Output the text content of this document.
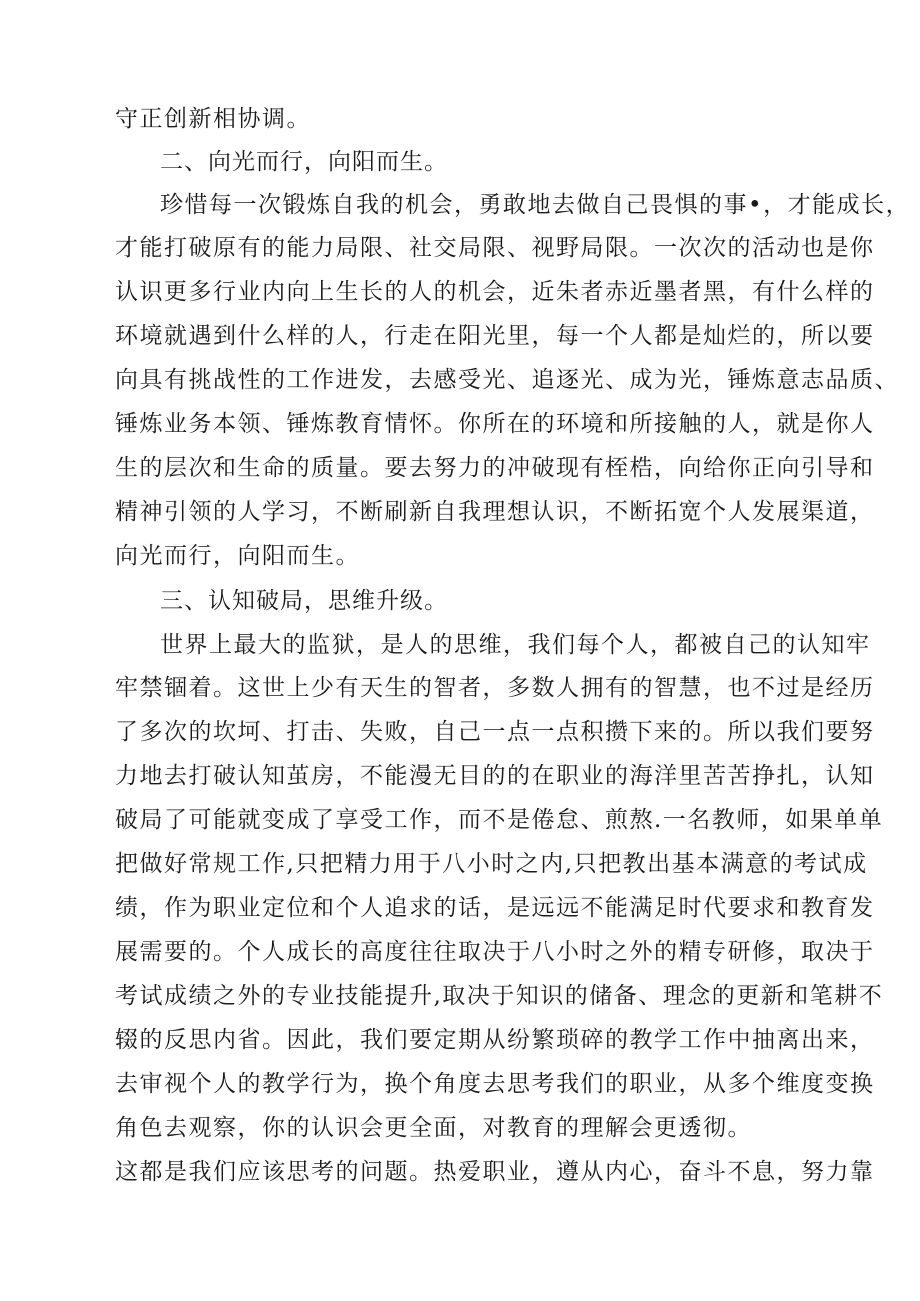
守正创新相协调。
二、向光而行，向阳而生。
珍惜每一次锻炼自我的机会，勇敢地去做自己畏惧的事•，才能成长，
才能打破原有的能力局限、社交局限、视野局限。一次次的活动也是你
认识更多行业内向上生长的人的机会，近朱者赤近墨者黑，有什么样的
环境就遇到什么样的人，行走在阳光里，每一个人都是灿烂的，所以要
向具有挑战性的工作进发，去感受光、追逐光、成为光，锤炼意志品质、
锤炼业务本领、锤炼教育情怀。你所在的环境和所接触的人，就是你人
生的层次和生命的质量。要去努力的冲破现有桎梏，向给你正向引导和
精神引领的人学习，不断刷新自我理想认识，不断拓宽个人发展渠道，
向光而行，向阳而生。
三、认知破局，思维升级。
世界上最大的监狱，是人的思维，我们每个人，都被自己的认知牢
牢禁锢着。这世上少有天生的智者，多数人拥有的智慧，也不过是经历
了多次的坎坷、打击、失败，自己一点一点积攒下来的。所以我们要努
力地去打破认知茧房，不能漫无目的的在职业的海洋里苦苦挣扎，认知
破局了可能就变成了享受工作，而不是倦怠、煎熬.一名教师，如果单单
把做好常规工作,只把精力用于八小时之内,只把教出基本满意的考试成
绩，作为职业定位和个人追求的话，是远远不能满足时代要求和教育发
展需要的。个人成长的高度往往取决于八小时之外的精专研修，取决于
考试成绩之外的专业技能提升,取决于知识的储备、理念的更新和笔耕不
辍的反思内省。因此，我们要定期从纷繁琐碎的教学工作中抽离出来，
去审视个人的教学行为，换个角度去思考我们的职业，从多个维度变换
角色去观察，你的认识会更全面，对教育的理解会更透彻。
这都是我们应该思考的问题。热爱职业，遵从内心，奋斗不息，努力靠
